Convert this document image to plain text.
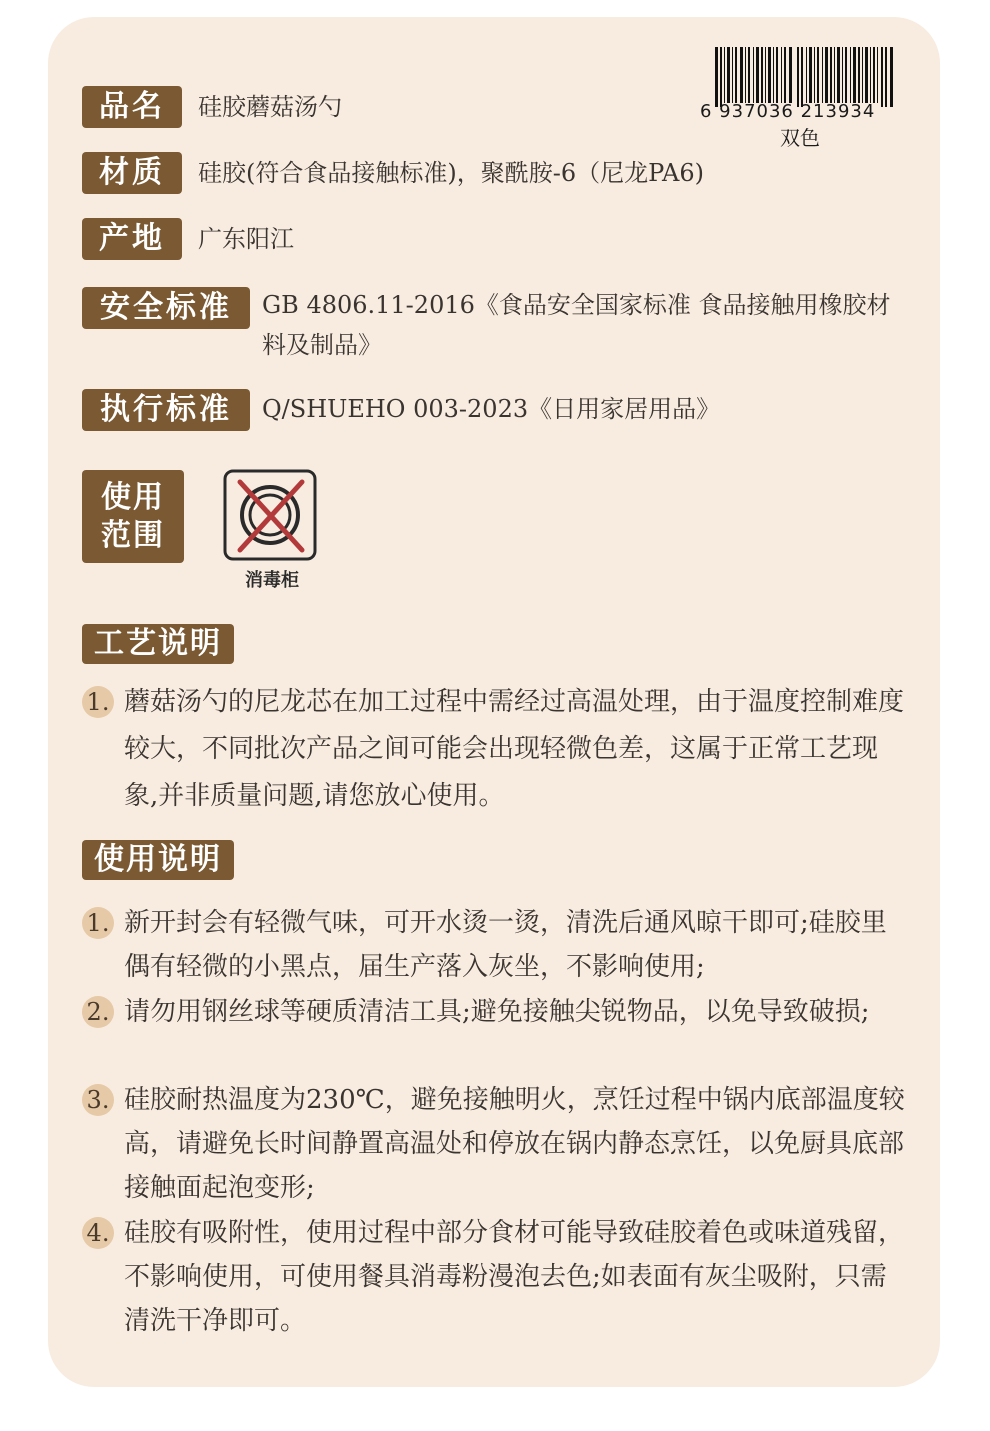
品名	硅胶蘑菇汤勺
材质	硅胶(符合食品接触标准)，聚酰胺-6（尼龙PA6)
产地	广东阳江
安全标准	GB 4806.11-2016《食品安全国家标准 食品接触用橡胶材料及制品》
执行标准	Q/SHUEHO 003-2023《日用家居用品》
6 937036 213934
双色
使用
范围
消毒柜
工艺说明
1. 蘑菇汤勺的尼龙芯在加工过程中需经过高温处理，由于温度控制难度较大，不同批次产品之间可能会出现轻微色差，这属于正常工艺现象,并非质量问题,请您放心使用。
使用说明
1. 新开封会有轻微气味，可开水烫一烫，清洗后通风晾干即可;硅胶里偶有轻微的小黑点，届生产落入灰坐，不影响使用;
2. 请勿用钢丝球等硬质清洁工具;避免接触尖锐物品，以免导致破损;
3. 硅胶耐热温度为230℃，避免接触明火，烹饪过程中锅内底部温度较高，请避免长时间静置高温处和停放在锅内静态烹饪，以免厨具底部接触面起泡变形;
4. 硅胶有吸附性，使用过程中部分食材可能导致硅胶着色或味道残留，不影响使用，可使用餐具消毒粉漫泡去色;如表面有灰尘吸附，只需清洗干净即可。
